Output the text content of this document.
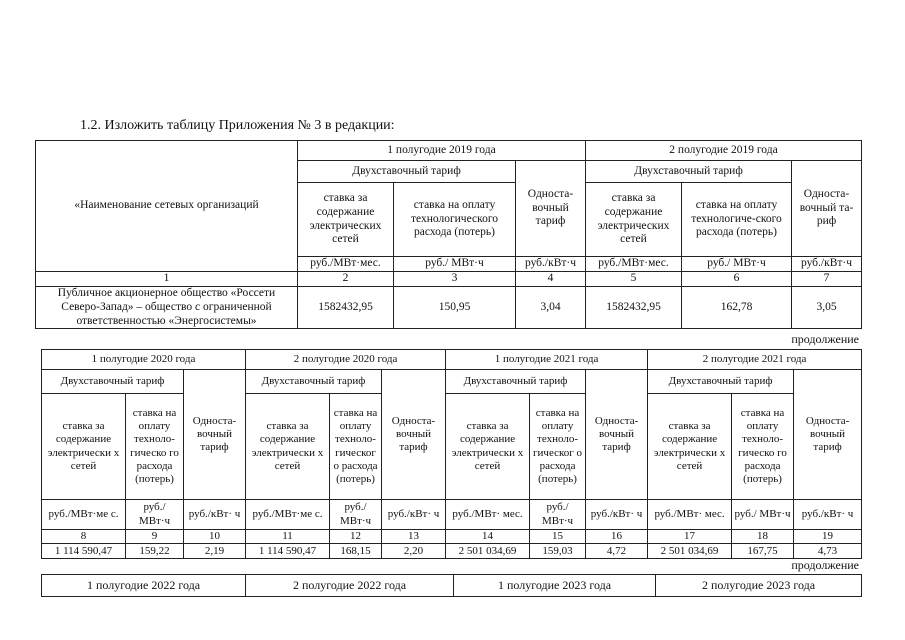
1.2. Изложить таблицу Приложения № 3 в редакции:
«Наименование сетевых организаций	1 полугодие 2019 года			2 полугодие 2019 года		
	Двухставочный тариф		Односта-вочный тариф	Двухставочный тариф		Односта-вочный та-риф
	ставка за содержание электрических сетей	ставка на оплату технологического расхода (потерь)		ставка за содержание электрических сетей	ставка на оплату технологиче-ского расхода (потерь)	
	руб./МВт·мес.	руб./ МВт·ч	руб./кВт·ч	руб./МВт·мес.	руб./ МВт·ч	руб./кВт·ч
1	2	3	4	5	6	7
Публичное акционерное общество «Россети Северо-Запад» – общество с ограниченной ответственностью «Энергосистемы»	1582432,95	150,95	3,04	1582432,95	162,78	3,05
продолжение
1 полугодие 2020 года			2 полугодие 2020 года			1 полугодие 2021 года			2 полугодие 2021 года		
Двухставочный тариф		Односта-вочный тариф	Двухставочный тариф		Односта-вочный тариф	Двухставочный тариф		Односта-вочный тариф	Двухставочный тариф		Односта-вочный тариф
ставка за содержание электрически х сетей	ставка на оплату техноло-гическо го расхода (потерь)		ставка за содержание электрически х сетей	ставка на оплату техноло-гическог о расхода (потерь)		ставка за содержание электрически х сетей	ставка на оплату техноло-гическог о расхода (потерь)		ставка за содержание электрически х сетей	ставка на оплату техноло-гическо го расхода (потерь)	
руб./МВт·ме с.	руб./ МВт·ч	руб./кВт· ч	руб./МВт·ме с.	руб./ МВт·ч	руб./кВт· ч	руб./МВт· мес.	руб./ МВт·ч	руб./кВт· ч	руб./МВт· мес.	руб./ МВт·ч	руб./кВт· ч
8	9	10	11	12	13	14	15	16	17	18	19
1 114 590,47	159,22	2,19	1 114 590,47	168,15	2,20	2 501 034,69	159,03	4,72	2 501 034,69	167,75	4,73
продолжение
1 полугодие 2022 года	2 полугодие 2022 года	1 полугодие 2023 года	2 полугодие 2023 года
